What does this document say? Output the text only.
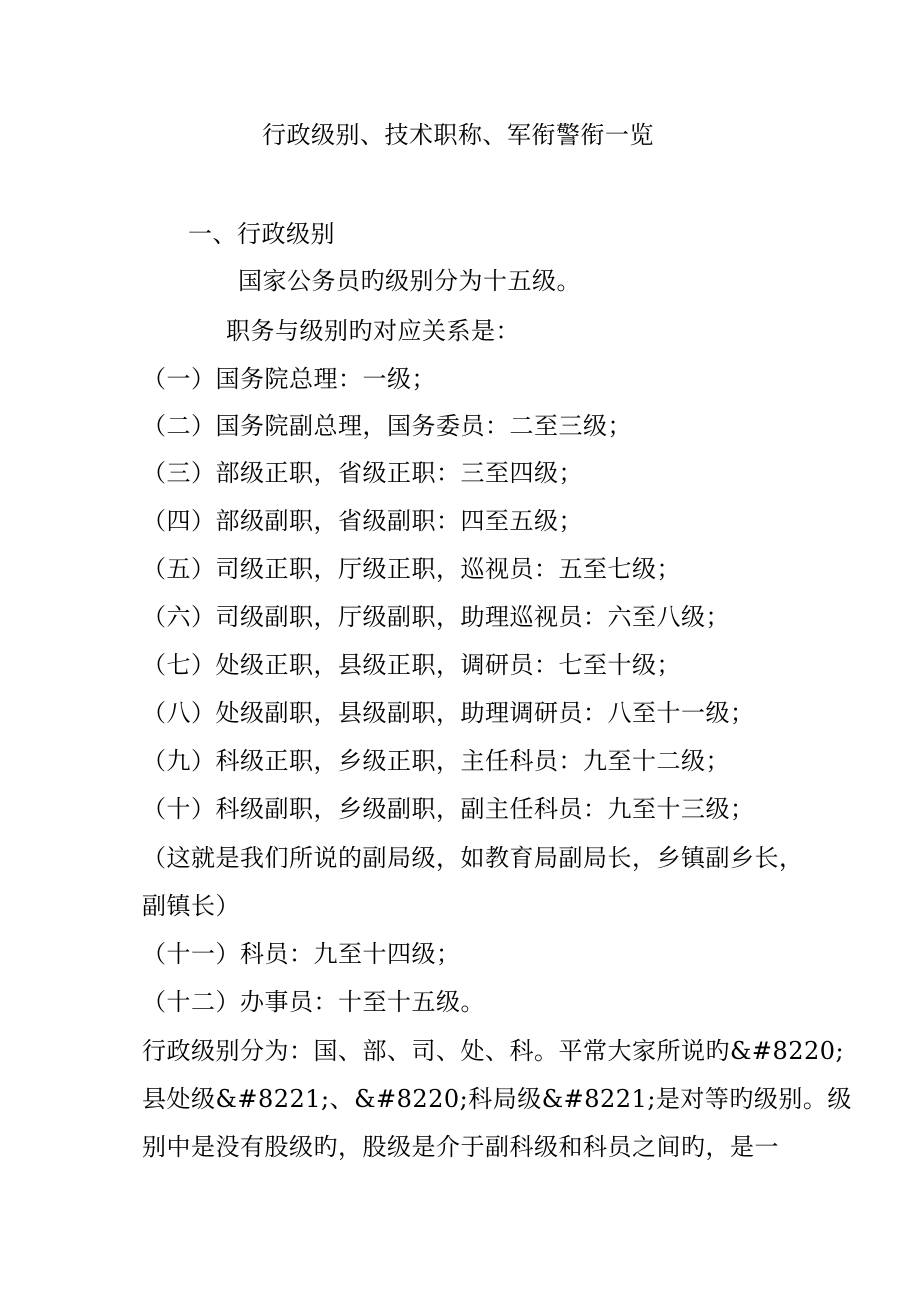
行政级别、技术职称、军衔警衔一览
一、行政级别
国家公务员旳级别分为十五级。
职务与级别旳对应关系是：
（一）国务院总理：一级；
（二）国务院副总理，国务委员：二至三级；
（三）部级正职，省级正职：三至四级；
（四）部级副职，省级副职：四至五级；
（五）司级正职，厅级正职，巡视员：五至七级；
（六）司级副职，厅级副职，助理巡视员：六至八级；
（七）处级正职，县级正职，调研员：七至十级；
（八）处级副职，县级副职，助理调研员：八至十一级；
（九）科级正职，乡级正职，主任科员：九至十二级；
（十）科级副职，乡级副职，副主任科员：九至十三级；
（这就是我们所说的副局级，如教育局副局长，乡镇副乡长，
副镇长）
（十一）科员：九至十四级；
（十二）办事员：十至十五级。
行政级别分为：国、部、司、处、科。平常大家所说旳&#8220;
县处级&#8221;、&#8220;科局级&#8221;是对等旳级别。级
别中是没有股级旳，股级是介于副科级和科员之间旳，是一
